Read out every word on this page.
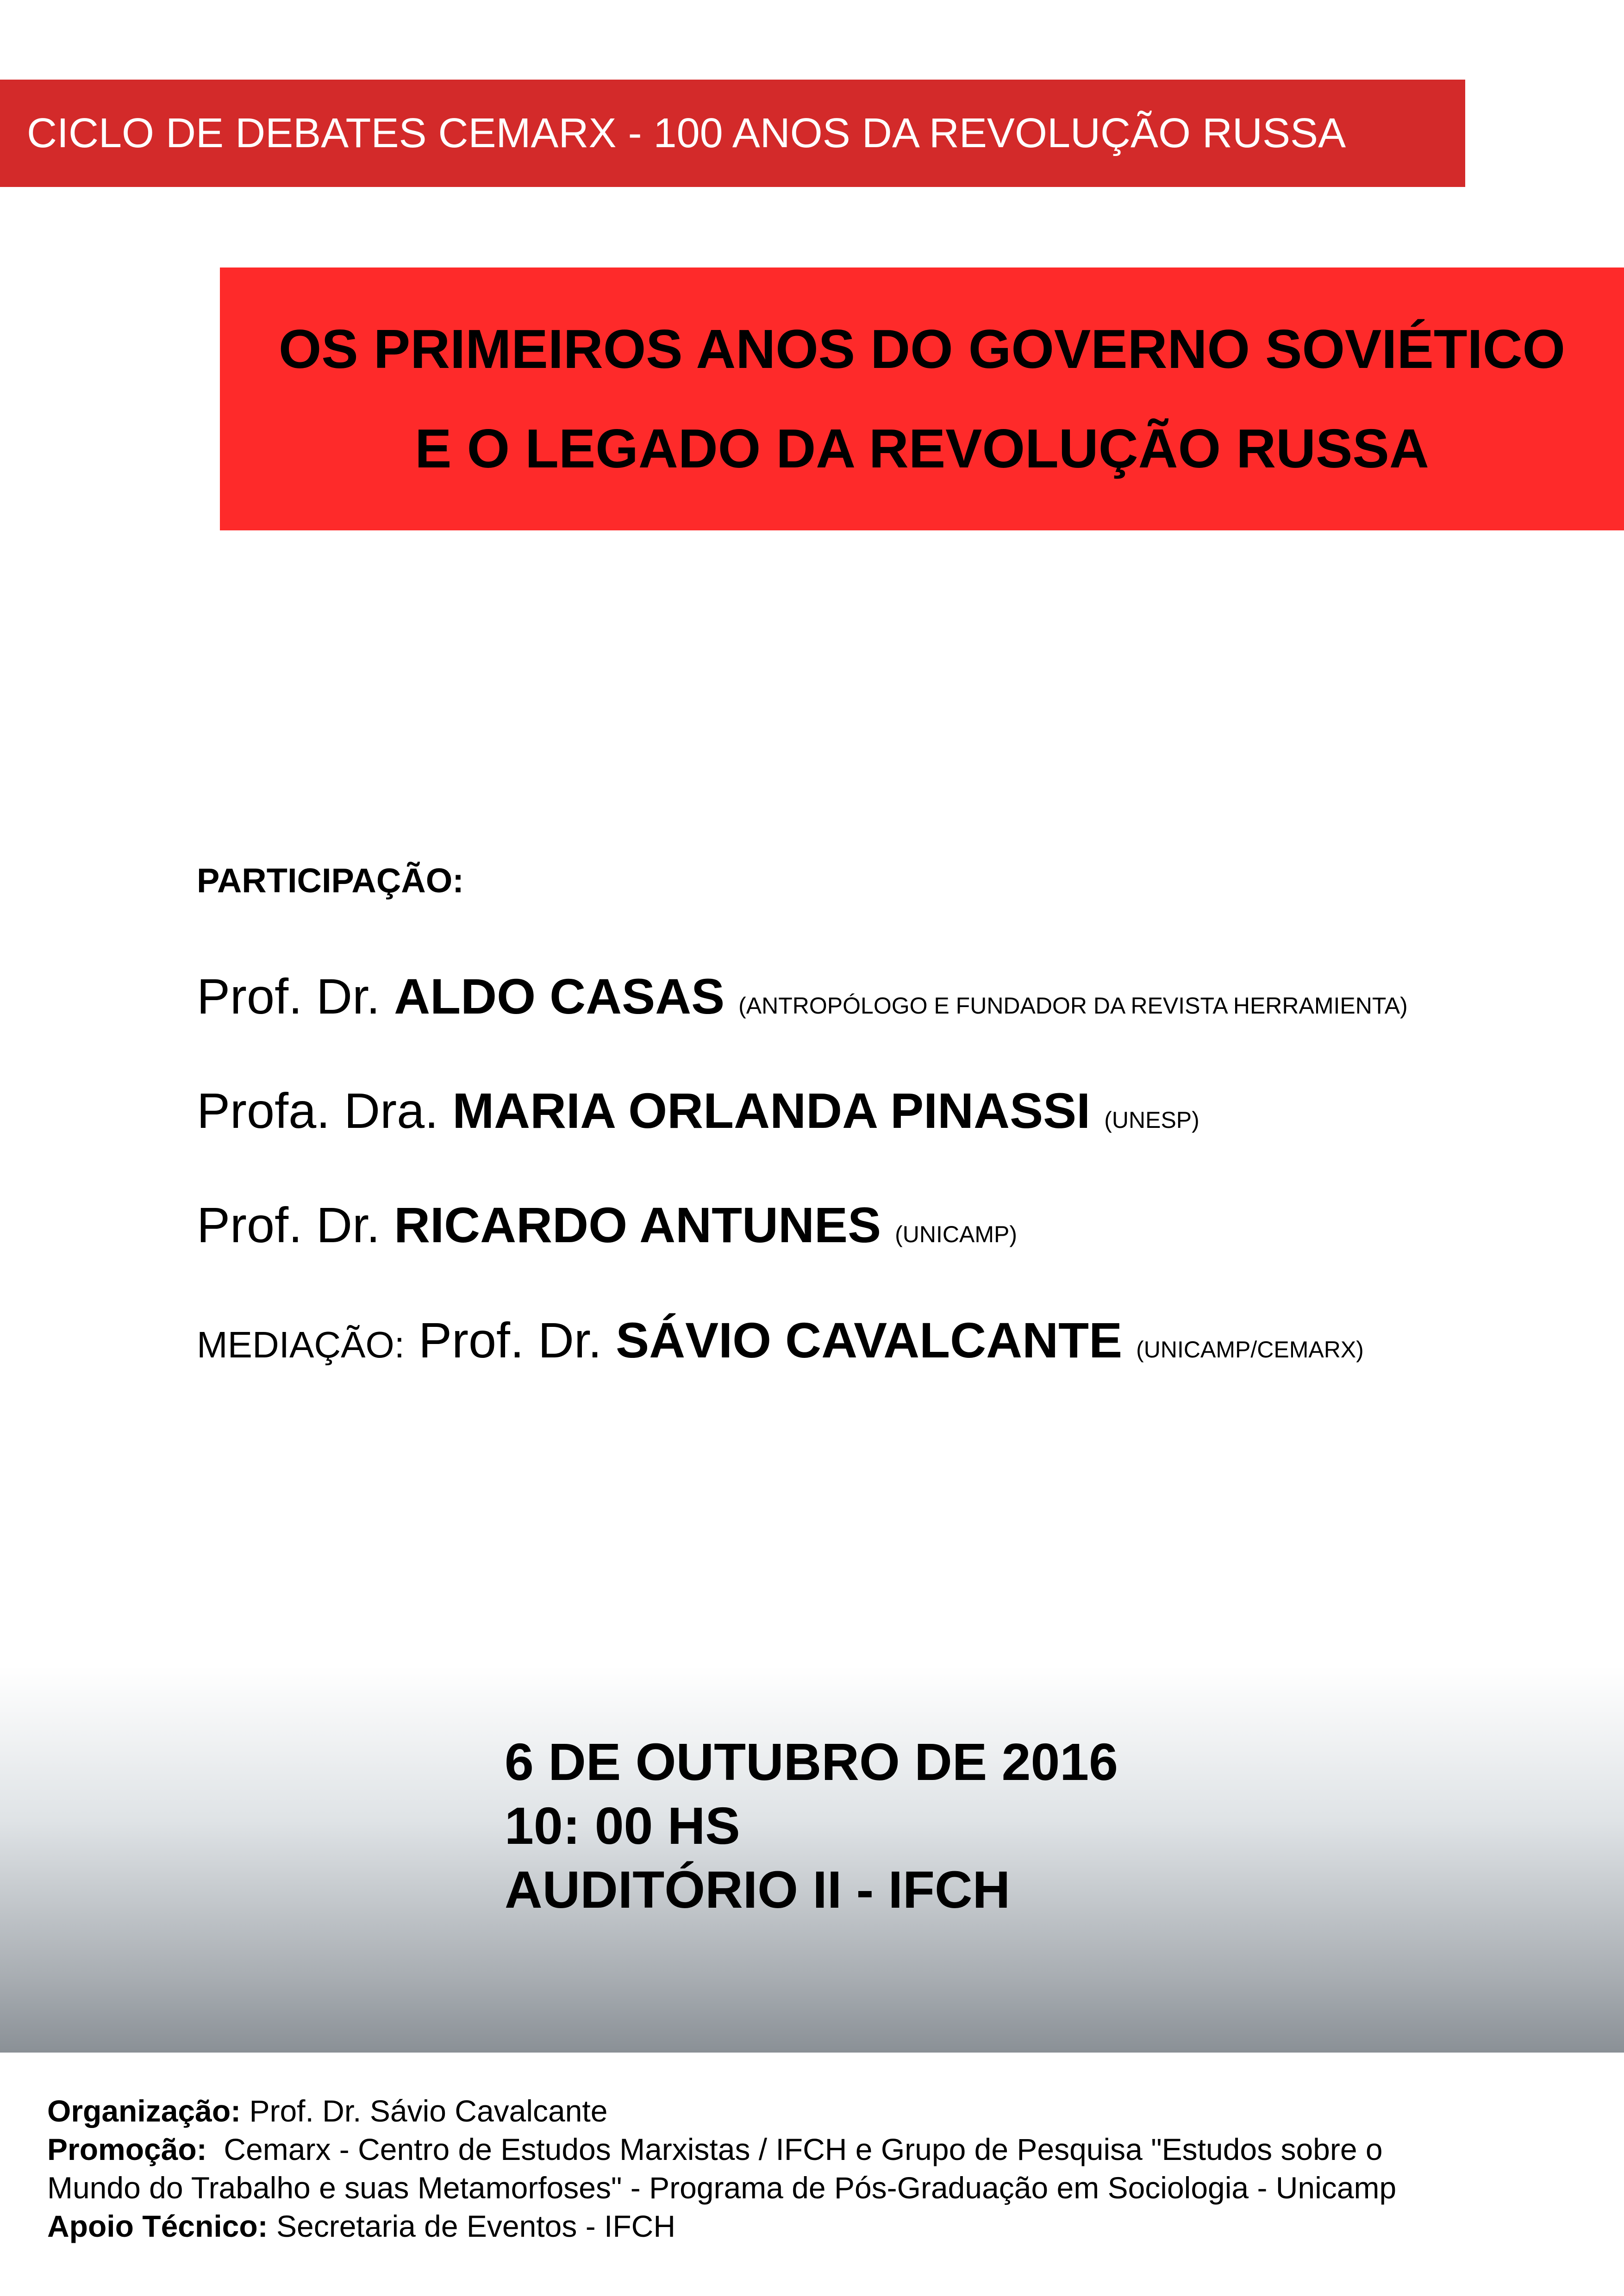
CICLO DE DEBATES CEMARX - 100 ANOS DA REVOLUÇÃO RUSSA
OS PRIMEIROS ANOS DO GOVERNO SOVIÉTICO
E O LEGADO DA REVOLUÇÃO RUSSA
PARTICIPAÇÃO:
Prof. Dr. ALDO CASAS (ANTROPÓLOGO E FUNDADOR DA REVISTA HERRAMIENTA)
Profa. Dra. MARIA ORLANDA PINASSI (UNESP)
Prof. Dr. RICARDO ANTUNES (UNICAMP)
MEDIAÇÃO: Prof. Dr. SÁVIO CAVALCANTE (UNICAMP/CEMARX)
6 DE OUTUBRO DE 2016
10: 00 HS
AUDITÓRIO II - IFCH
Organização: Prof. Dr. Sávio Cavalcante
Promoção: Cemarx - Centro de Estudos Marxistas / IFCH e Grupo de Pesquisa "Estudos sobre o
Mundo do Trabalho e suas Metamorfoses" - Programa de Pós-Graduação em Sociologia - Unicamp
Apoio Técnico: Secretaria de Eventos - IFCH
